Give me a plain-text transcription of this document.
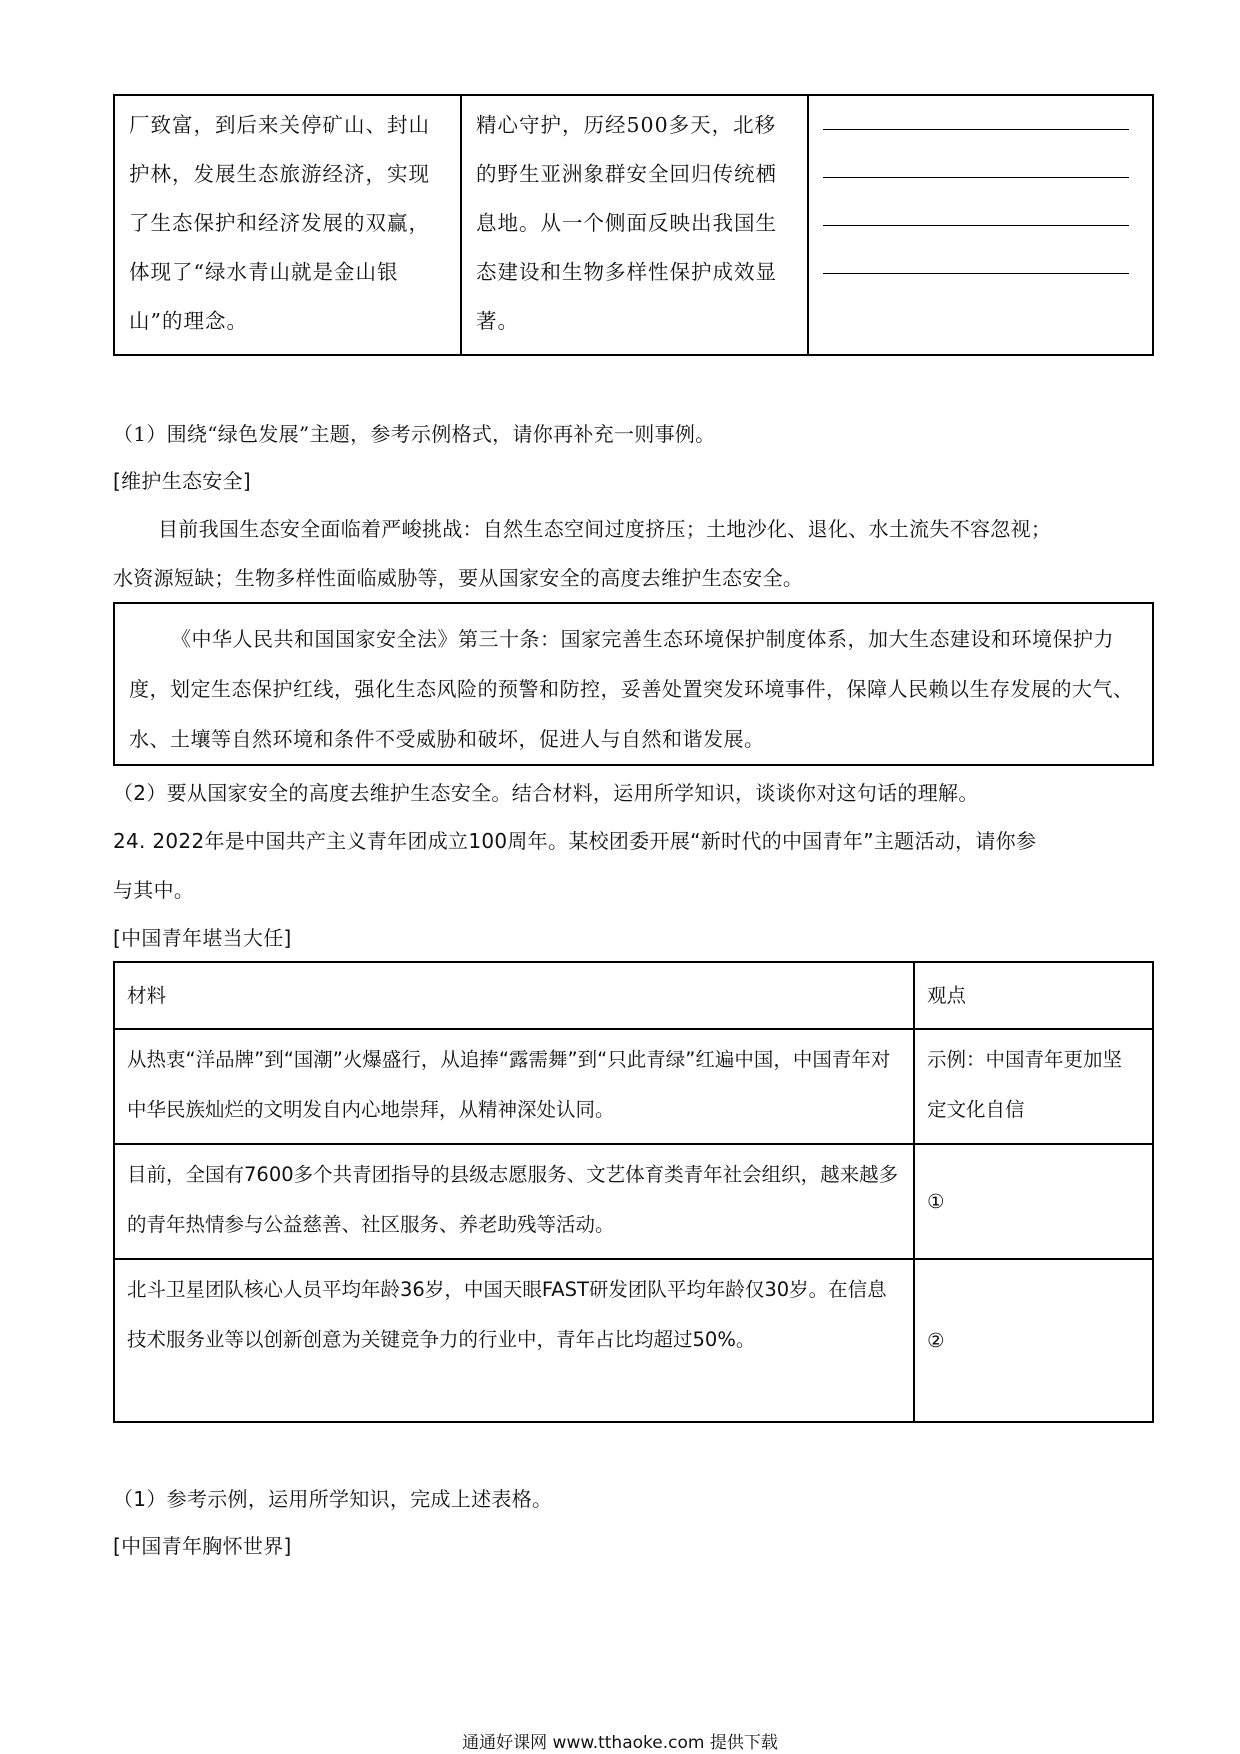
厂致富，到后来关停矿山、封山护林，发展生态旅游经济，实现了生态保护和经济发展的双赢，体现了“绿水青山就是金山银山”的理念。
精心守护，历经500多天，北移的野生亚洲象群安全回归传统栖息地。从一个侧面反映出我国生态建设和生物多样性保护成效显著。
（1）围绕“绿色发展”主题，参考示例格式，请你再补充一则事例。
[维护生态安全]
目前我国生态安全面临着严峻挑战：自然生态空间过度挤压；土地沙化、退化、水土流失不容忽视；
水资源短缺；生物多样性面临威胁等，要从国家安全的高度去维护生态安全。
《中华人民共和国国家安全法》第三十条：国家完善生态环境保护制度体系，加大生态建设和环境保护力度，划定生态保护红线，强化生态风险的预警和防控，妥善处置突发环境事件，保障人民赖以生存发展的大气、水、土壤等自然环境和条件不受威胁和破坏，促进人与自然和谐发展。
（2）要从国家安全的高度去维护生态安全。结合材料，运用所学知识，谈谈你对这句话的理解。
24. 2022年是中国共产主义青年团成立100周年。某校团委开展“新时代的中国青年”主题活动，请你参
与其中。
[中国青年堪当大任]
材料	观点
从热衷“洋品牌”到“国潮”火爆盛行，从追捧“露需舞”到“只此青绿”红遍中国，中国青年对中华民族灿烂的文明发自内心地崇拜，从精神深处认同。
示例：中国青年更加坚定文化自信
目前，全国有7600多个共青团指导的县级志愿服务、文艺体育类青年社会组织，越来越多的青年热情参与公益慈善、社区服务、养老助残等活动。
①
北斗卫星团队核心人员平均年龄36岁，中国天眼FAST研发团队平均年龄仅30岁。在信息技术服务业等以创新创意为关键竞争力的行业中，青年占比均超过50%。	②
（1）参考示例，运用所学知识，完成上述表格。
[中国青年胸怀世界]
通通好课网 www.tthaoke.com 提供下载
